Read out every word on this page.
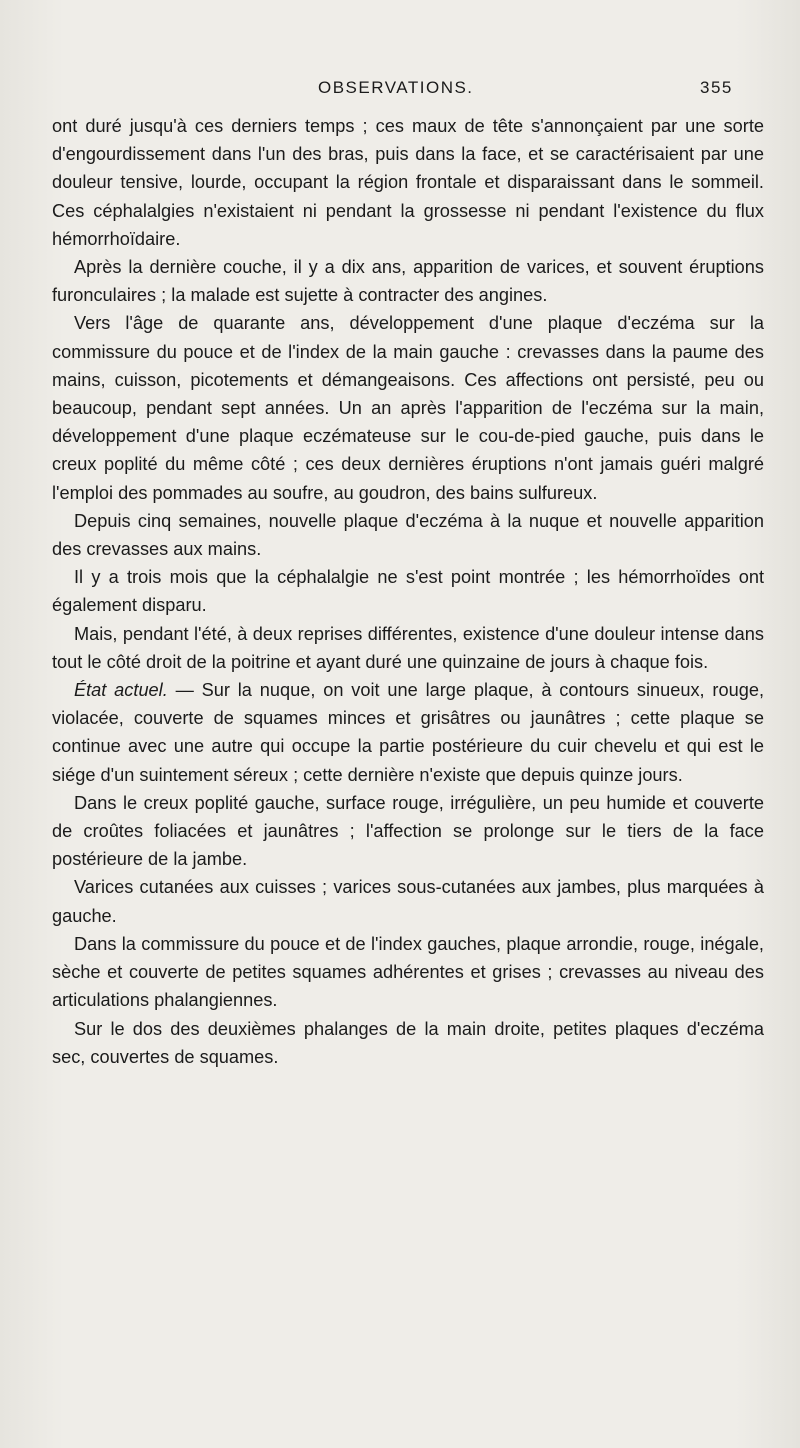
OBSERVATIONS.	355

ont duré jusqu'à ces derniers temps ; ces maux de tête s'annonçaient par une sorte d'engourdissement dans l'un des bras, puis dans la face, et se caractérisaient par une douleur tensive, lourde, occupant la région frontale et disparaissant dans le sommeil. Ces céphalalgies n'existaient ni pendant la grossesse ni pendant l'existence du flux hémorrhoïdaire.

Après la dernière couche, il y a dix ans, apparition de varices, et souvent éruptions furonculaires ; la malade est sujette à contracter des angines.

Vers l'âge de quarante ans, développement d'une plaque d'eczéma sur la commissure du pouce et de l'index de la main gauche : crevasses dans la paume des mains, cuisson, picotements et démangeaisons. Ces affections ont persisté, peu ou beaucoup, pendant sept années. Un an après l'apparition de l'eczéma sur la main, développement d'une plaque eczémateuse sur le cou-de-pied gauche, puis dans le creux poplité du même côté ; ces deux dernières éruptions n'ont jamais guéri malgré l'emploi des pommades au soufre, au goudron, des bains sulfureux.

Depuis cinq semaines, nouvelle plaque d'eczéma à la nuque et nouvelle apparition des crevasses aux mains.

Il y a trois mois que la céphalalgie ne s'est point montrée ; les hémorrhoïdes ont également disparu.

Mais, pendant l'été, à deux reprises différentes, existence d'une douleur intense dans tout le côté droit de la poitrine et ayant duré une quinzaine de jours à chaque fois.

État actuel. — Sur la nuque, on voit une large plaque, à contours sinueux, rouge, violacée, couverte de squames minces et grisâtres ou jaunâtres ; cette plaque se continue avec une autre qui occupe la partie postérieure du cuir chevelu et qui est le siége d'un suintement séreux ; cette dernière n'existe que depuis quinze jours.

Dans le creux poplité gauche, surface rouge, irrégulière, un peu humide et couverte de croûtes foliacées et jaunâtres ; l'affection se prolonge sur le tiers de la face postérieure de la jambe.

Varices cutanées aux cuisses ; varices sous-cutanées aux jambes, plus marquées à gauche.

Dans la commissure du pouce et de l'index gauches, plaque arrondie, rouge, inégale, sèche et couverte de petites squames adhérentes et grises ; crevasses au niveau des articulations phalangiennes.

Sur le dos des deuxièmes phalanges de la main droite, petites plaques d'eczéma sec, couvertes de squames.
